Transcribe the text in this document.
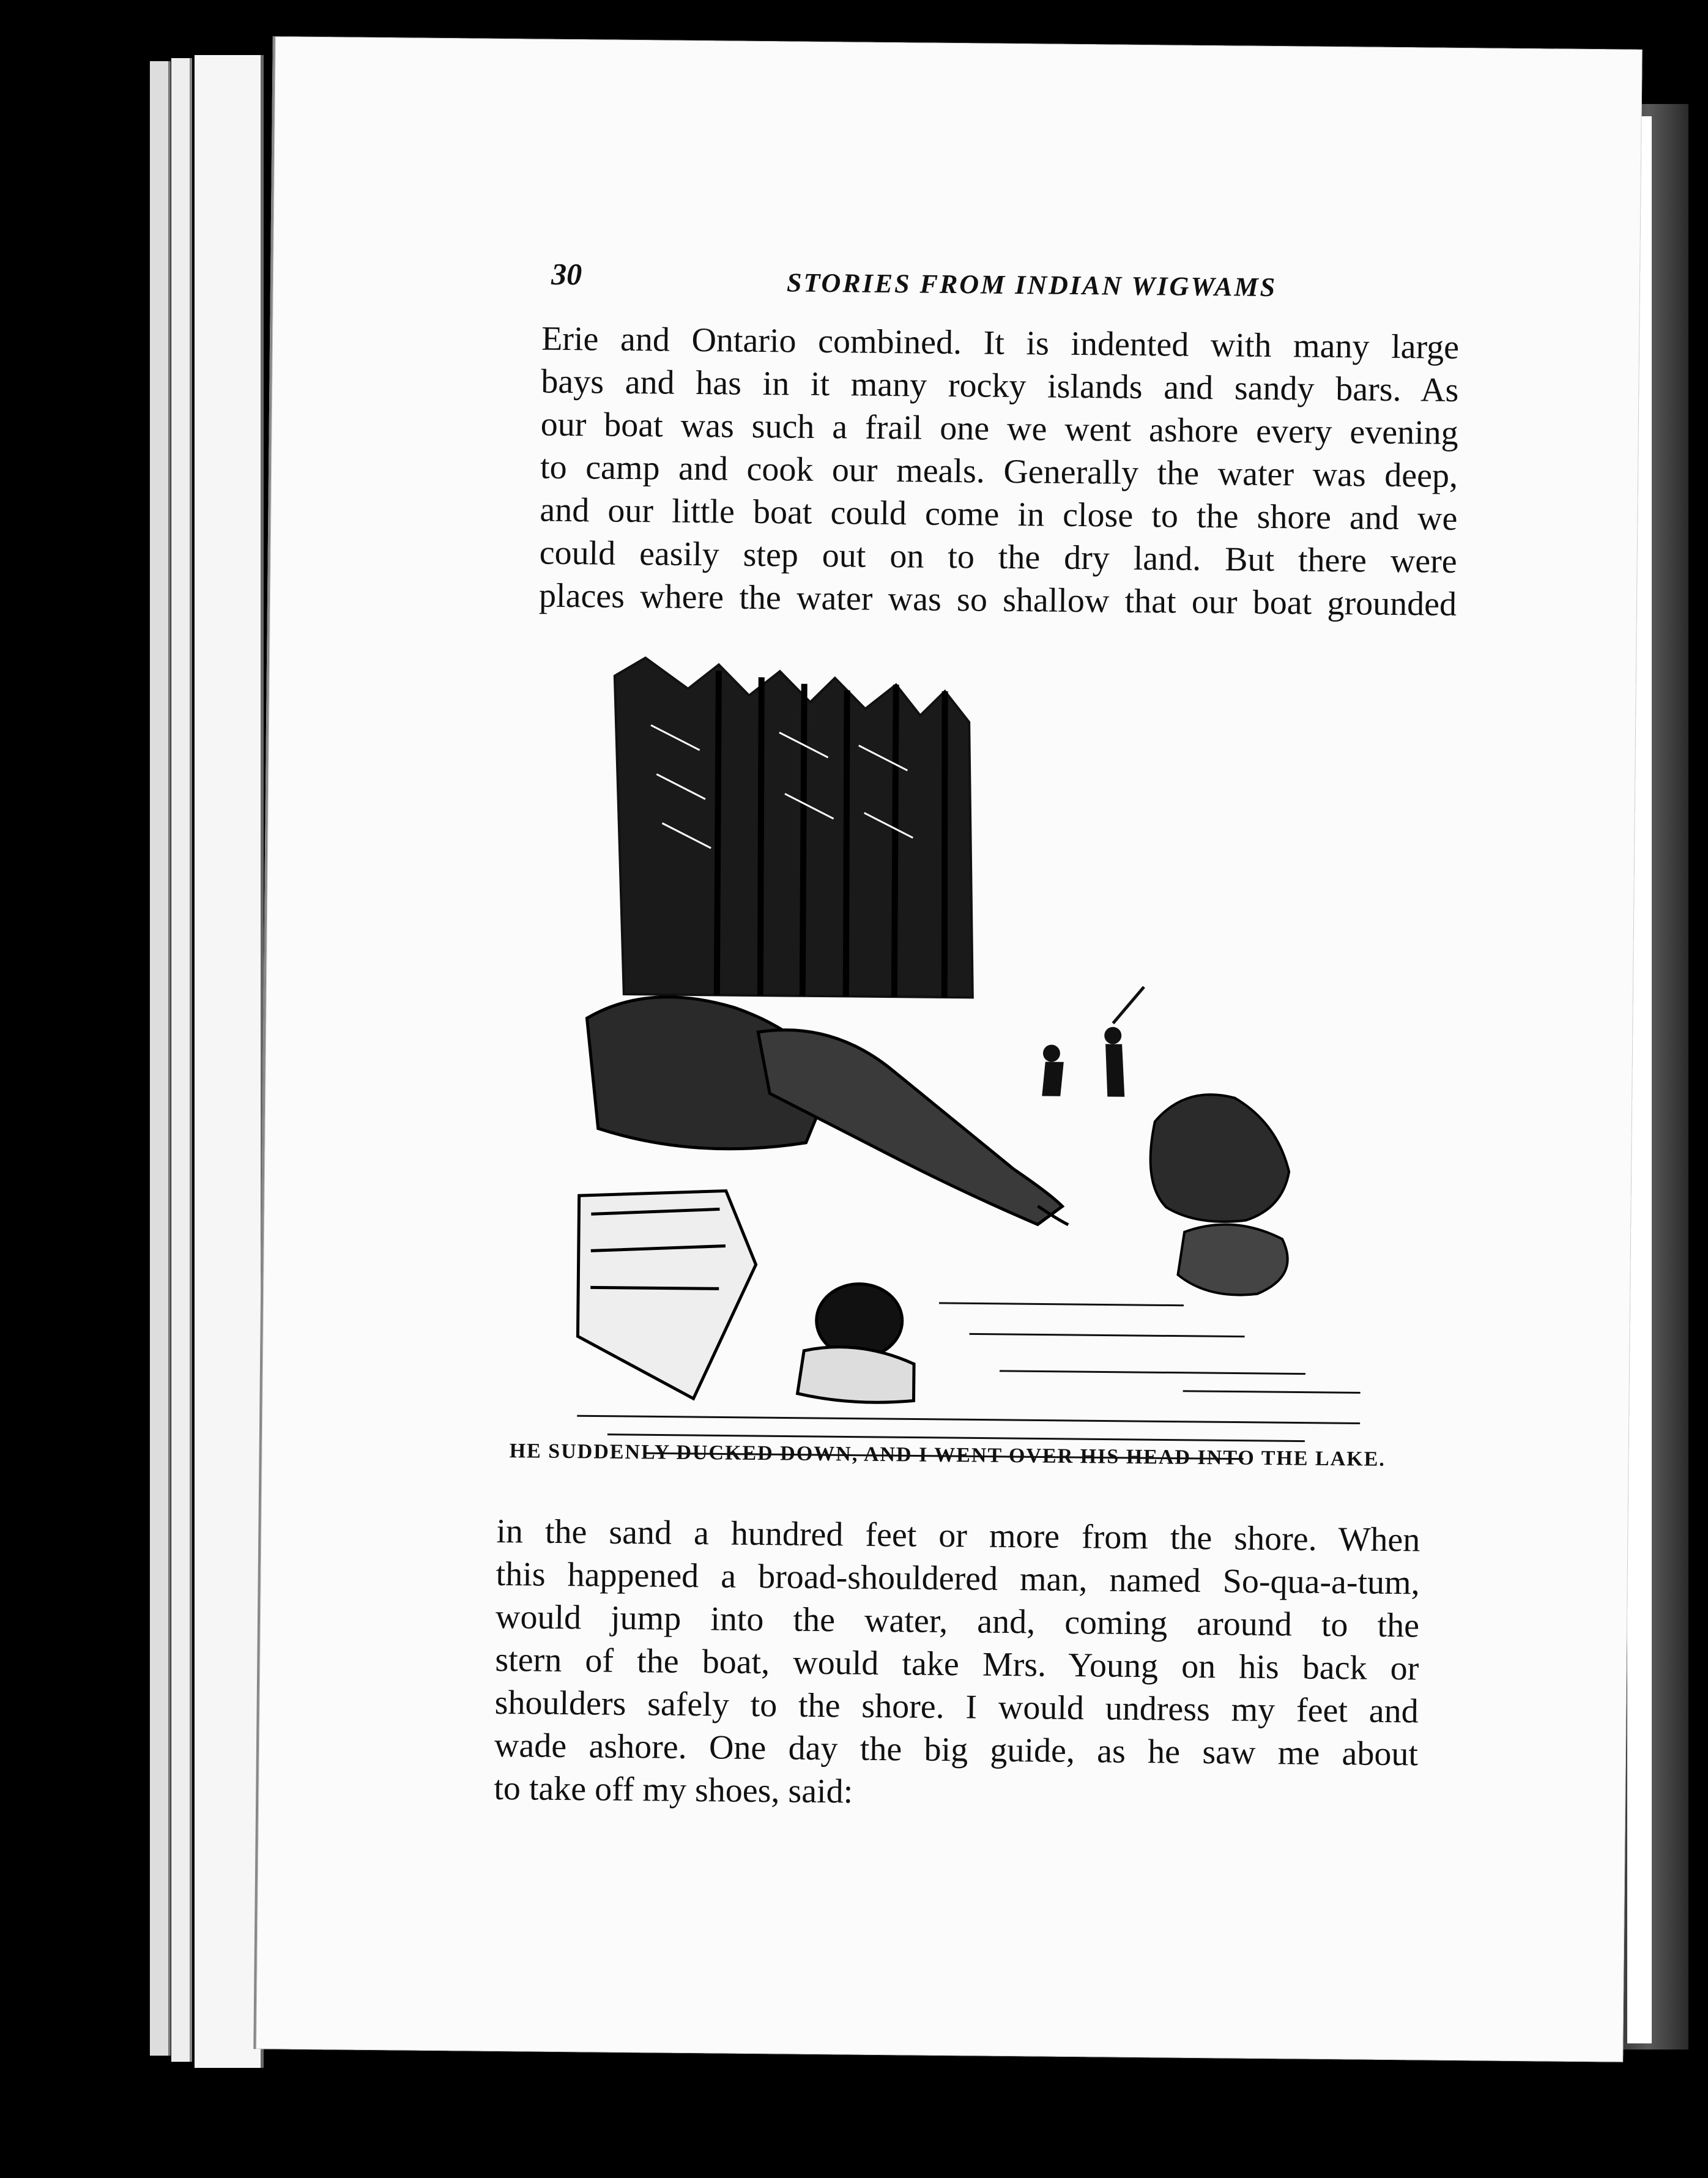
30	STORIES FROM INDIAN WIGWAMS
Erie and Ontario combined. It is indented with many large
bays and has in it many rocky islands and sandy bars. As
our boat was such a frail one we went ashore every evening
to camp and cook our meals. Generally the water was deep,
and our little boat could come in close to the shore and we
could easily step out on to the dry land. But there were
places where the water was so shallow that our boat grounded
HE SUDDENLY DUCKED DOWN, AND I WENT OVER HIS HEAD INTO THE LAKE.
in the sand a hundred feet or more from the shore. When
this happened a broad-shouldered man, named So-qua-a-tum,
would jump into the water, and, coming around to the
stern of the boat, would take Mrs. Young on his back or
shoulders safely to the shore. I would undress my feet and
wade ashore. One day the big guide, as he saw me about
to take off my shoes, said:
